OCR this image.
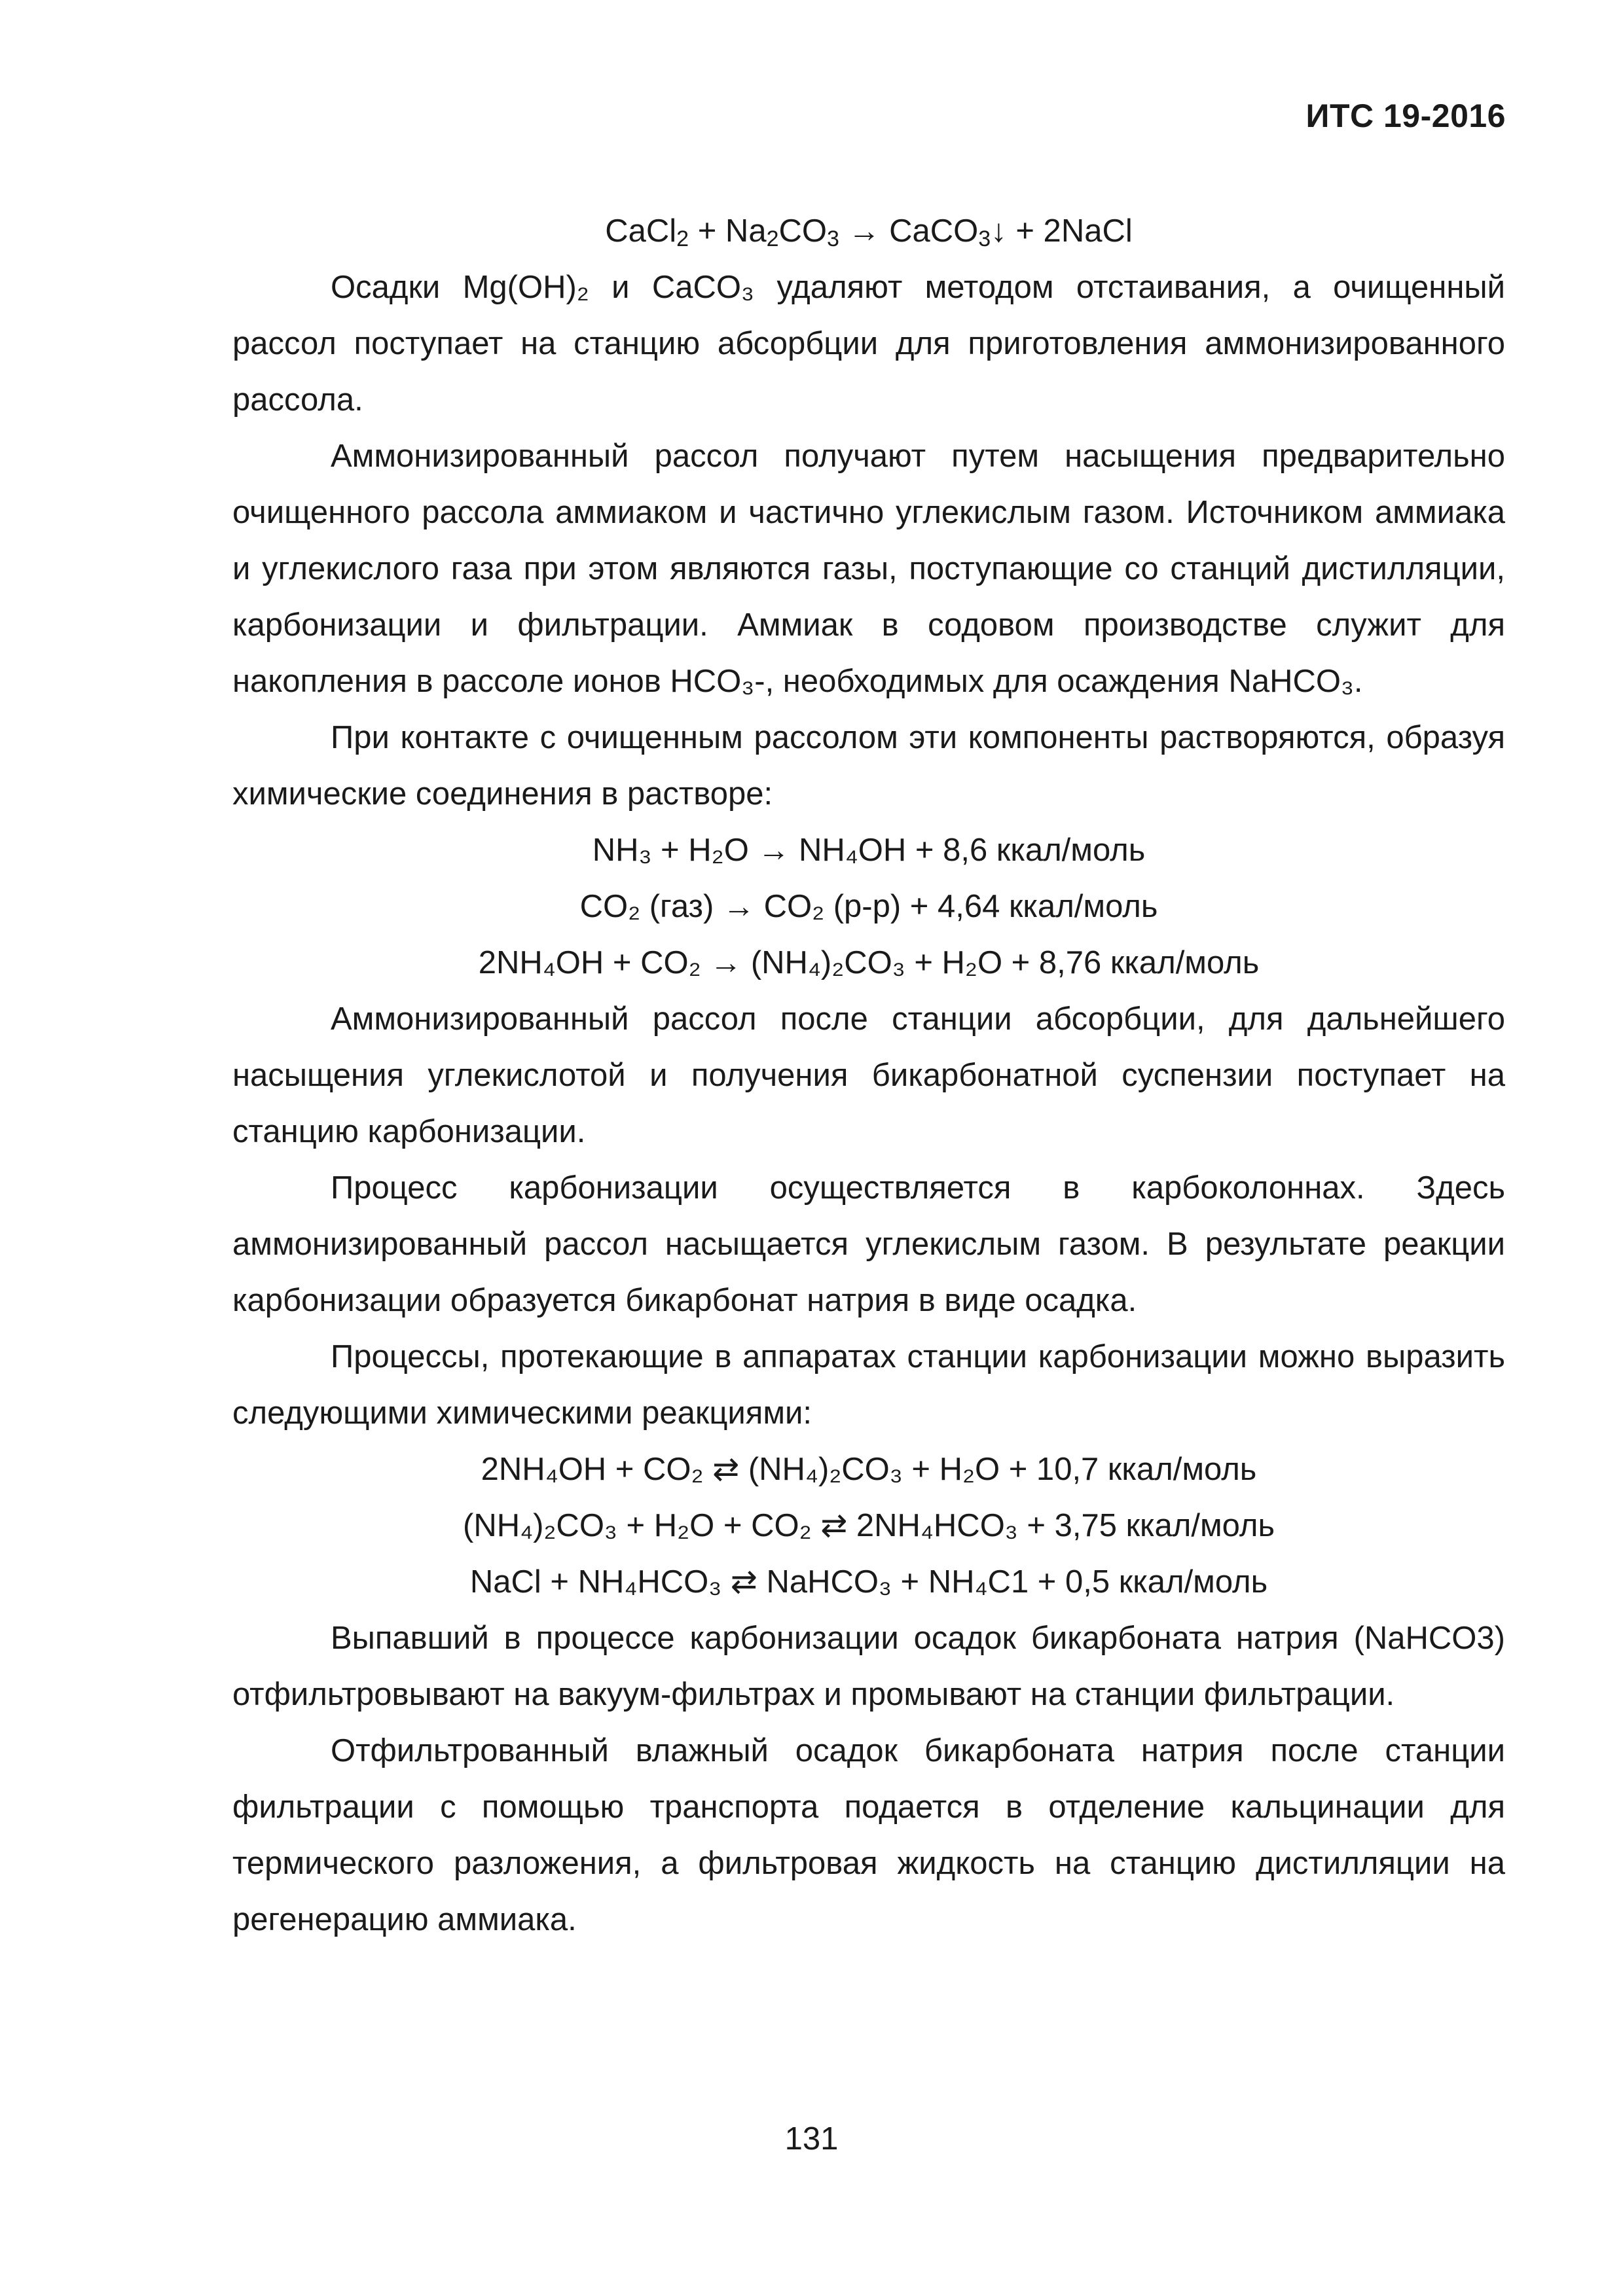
ИТС 19-2016

CaCl$_2$ + $Na_2CO_3$ → CaCO$_3$↓ + 2NaCl

Осадки Mg(OH)₂ и CaCO₃ удаляют методом отстаивания, а очищенный рассол поступает на станцию абсорбции для приготовления аммонизированного рассола.

Аммонизированный рассол получают путем насыщения предварительно очищенного рассола аммиаком и частично углекислым газом. Источником аммиака и углекислого газа при этом являются газы, поступающие со станций дистилляции, карбонизации и фильтрации. Аммиак в содовом производстве служит для накопления в рассоле ионов HCO₃-, необходимых для осаждения NaHCO₃.

При контакте с очищенным рассолом эти компоненты растворяются, образуя химические соединения в растворе:

NH₃ + H₂O → NH₄OH + 8,6 ккал/моль

CO₂ (газ) → CO₂ (р-р) + 4,64 ккал/моль

2NH₄OH + CO₂ → (NH₄)₂CO₃ + H₂O + 8,76 ккал/моль

Аммонизированный рассол после станции абсорбции, для дальнейшего насыщения углекислотой и получения бикарбонатной суспензии поступает на станцию карбонизации.

Процесс карбонизации осуществляется в карбоколоннах. Здесь аммонизированный рассол насыщается углекислым газом. В результате реакции карбонизации образуется бикарбонат натрия в виде осадка.

Процессы, протекающие в аппаратах станции карбонизации можно выразить следующими химическими реакциями:

2NH₄OH + CO₂ ⇄ (NH₄)₂CO₃ + H₂O + 10,7 ккал/моль

(NH₄)₂CO₃ + H₂O + CO₂ ⇄ 2NH₄HCO₃ + 3,75 ккал/моль

NaCl + NH₄HCO₃ ⇄ NaHCO₃ + NH₄C1 + 0,5 ккал/моль

Выпавший в процессе карбонизации осадок бикарбоната натрия (NaHCO3) отфильтровывают на вакуум-фильтрах и промывают на станции фильтрации.

Отфильтрованный влажный осадок бикарбоната натрия после станции фильтрации с помощью транспорта подается в отделение кальцинации для термического разложения, а фильтровая жидкость на станцию дистилляции на регенерацию аммиака.

131
